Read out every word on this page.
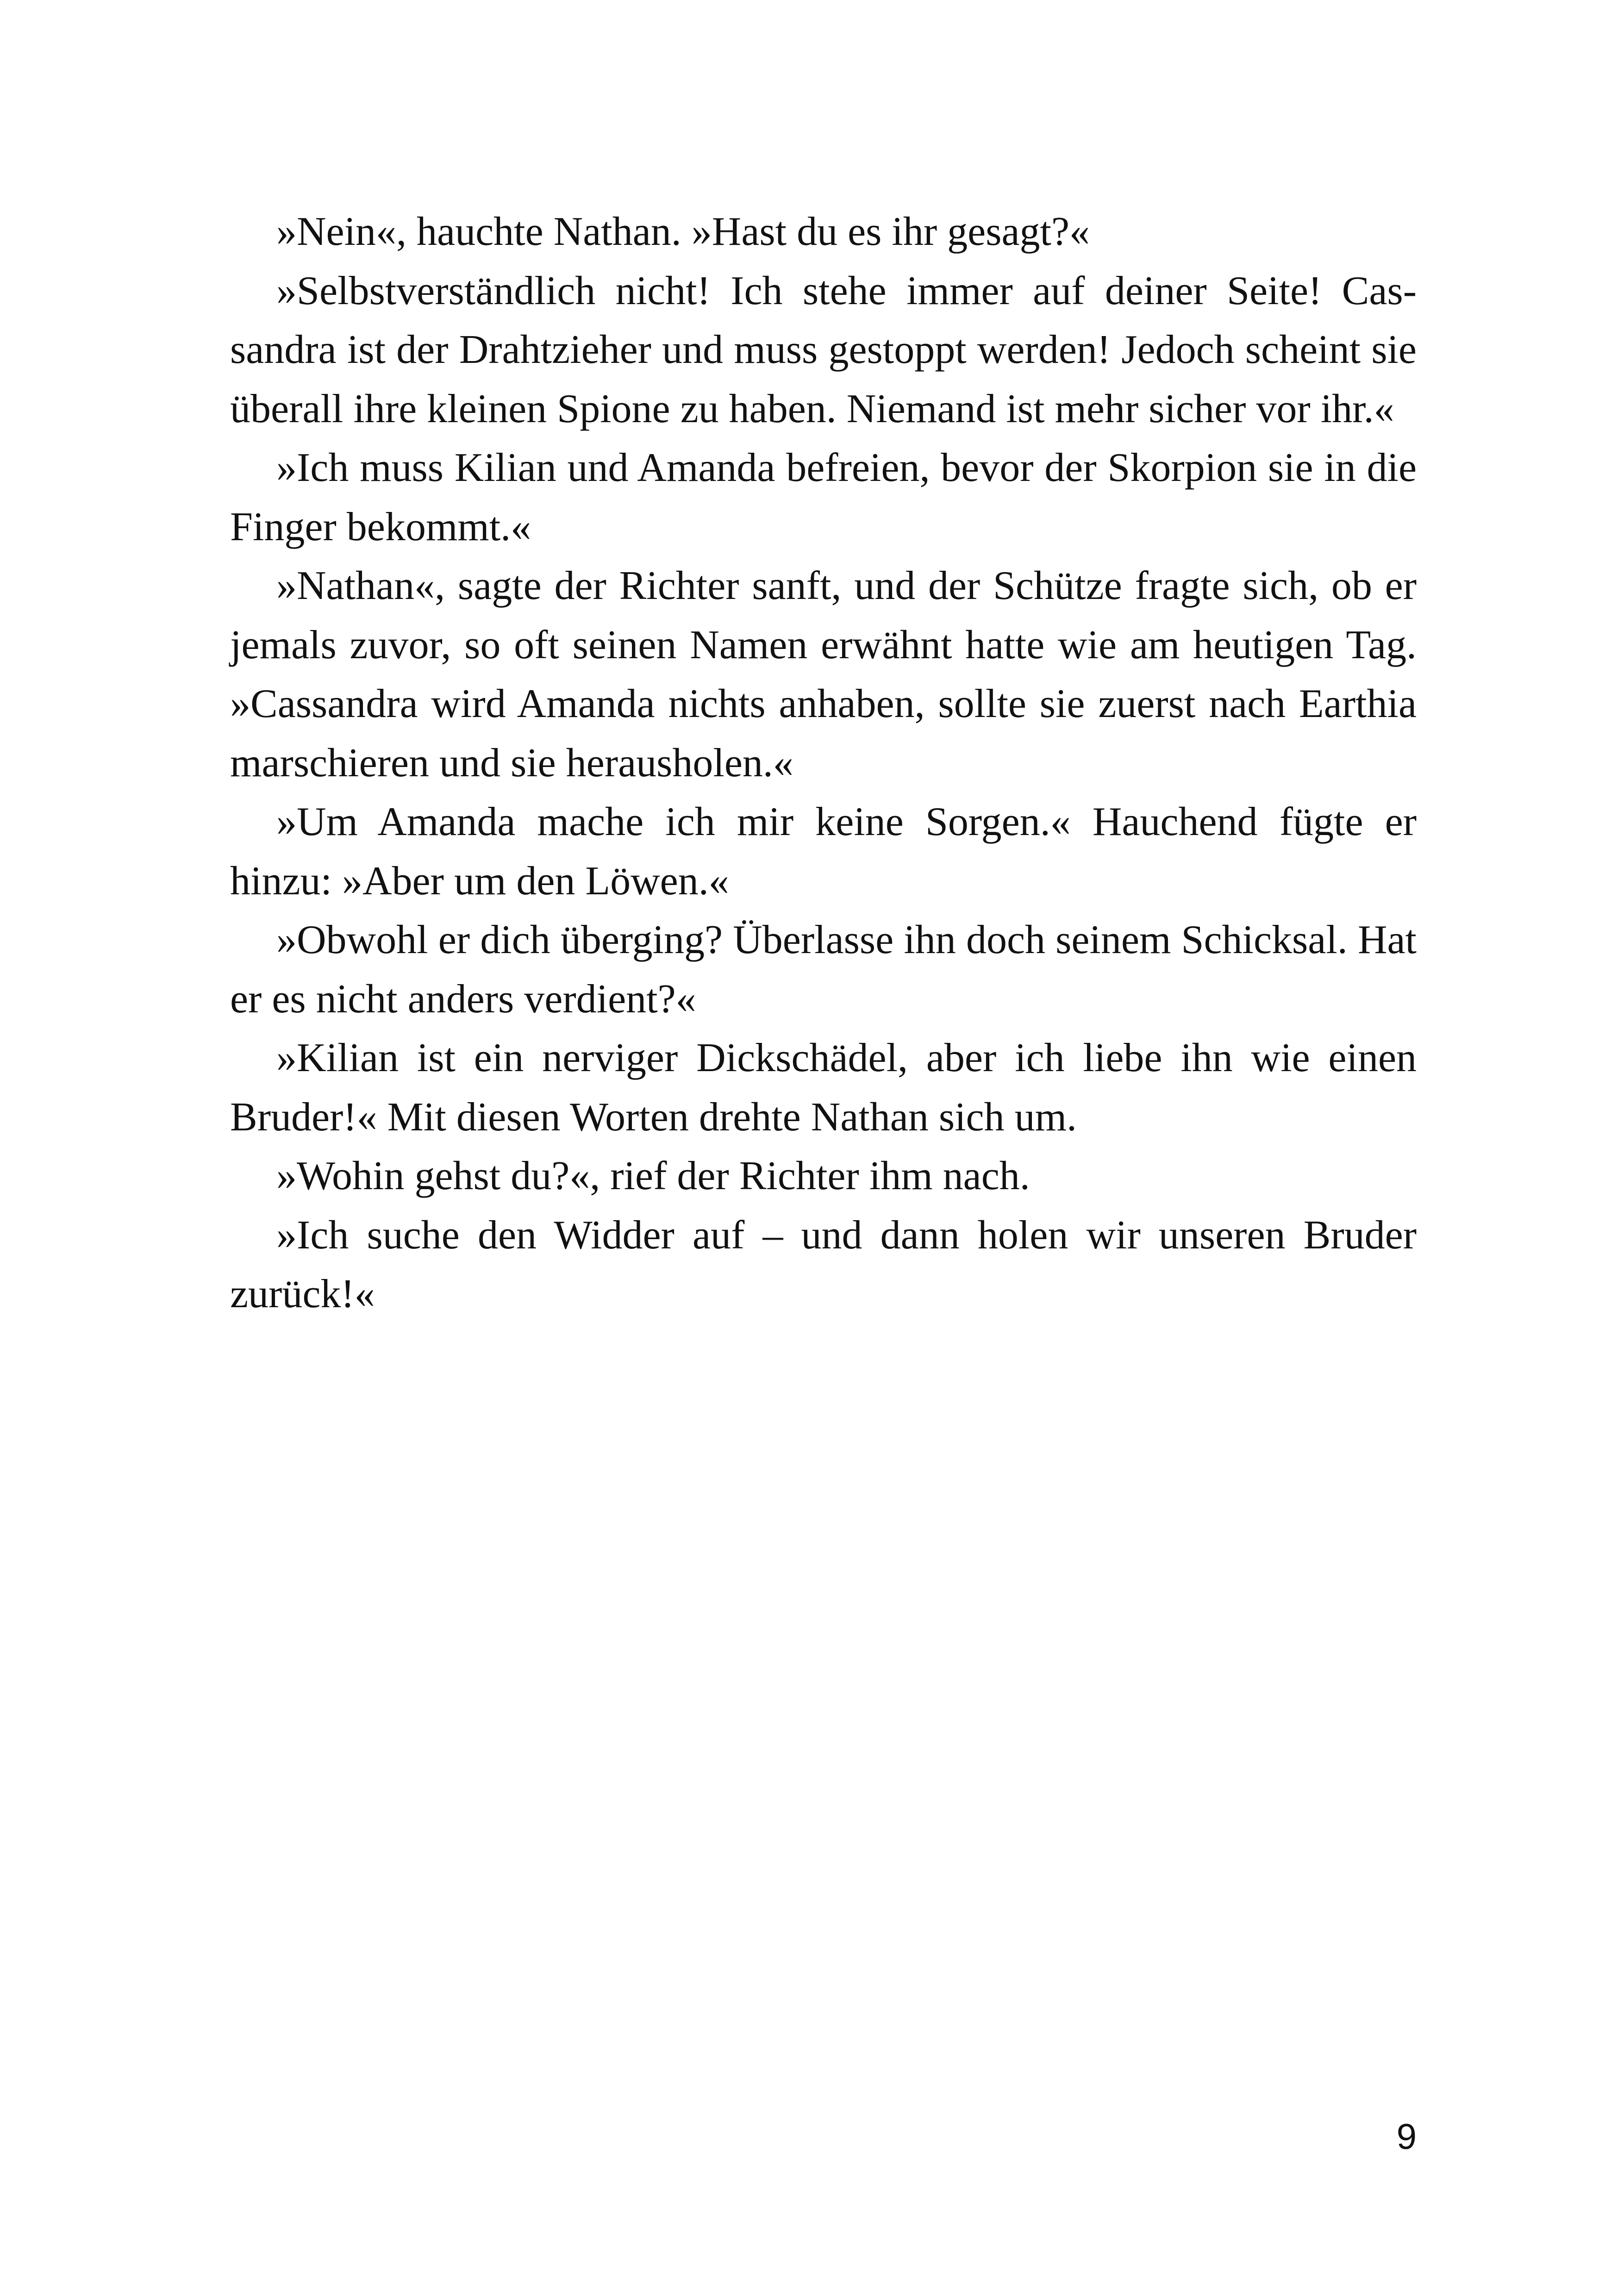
»Nein«, hauchte Nathan. »Hast du es ihr gesagt?«

»Selbstverständlich nicht! Ich stehe immer auf deiner Seite! Cassandra ist der Drahtzieher und muss gestoppt werden! Jedoch scheint sie überall ihre kleinen Spione zu haben. Niemand ist mehr sicher vor ihr.«

»Ich muss Kilian und Amanda befreien, bevor der Skorpion sie in die Finger bekommt.«

»Nathan«, sagte der Richter sanft, und der Schütze fragte sich, ob er jemals zuvor, so oft seinen Namen erwähnt hatte wie am heutigen Tag. »Cassandra wird Amanda nichts anhaben, sollte sie zuerst nach Earthia marschieren und sie herausholen.«

»Um Amanda mache ich mir keine Sorgen.« Hauchend fügte er hinzu: »Aber um den Löwen.«

»Obwohl er dich überging? Überlasse ihn doch seinem Schicksal. Hat er es nicht anders verdient?«

»Kilian ist ein nerviger Dickschädel, aber ich liebe ihn wie einen Bruder!« Mit diesen Worten drehte Nathan sich um.

»Wohin gehst du?«, rief der Richter ihm nach.

»Ich suche den Widder auf – und dann holen wir unseren Bruder zurück!«

9
